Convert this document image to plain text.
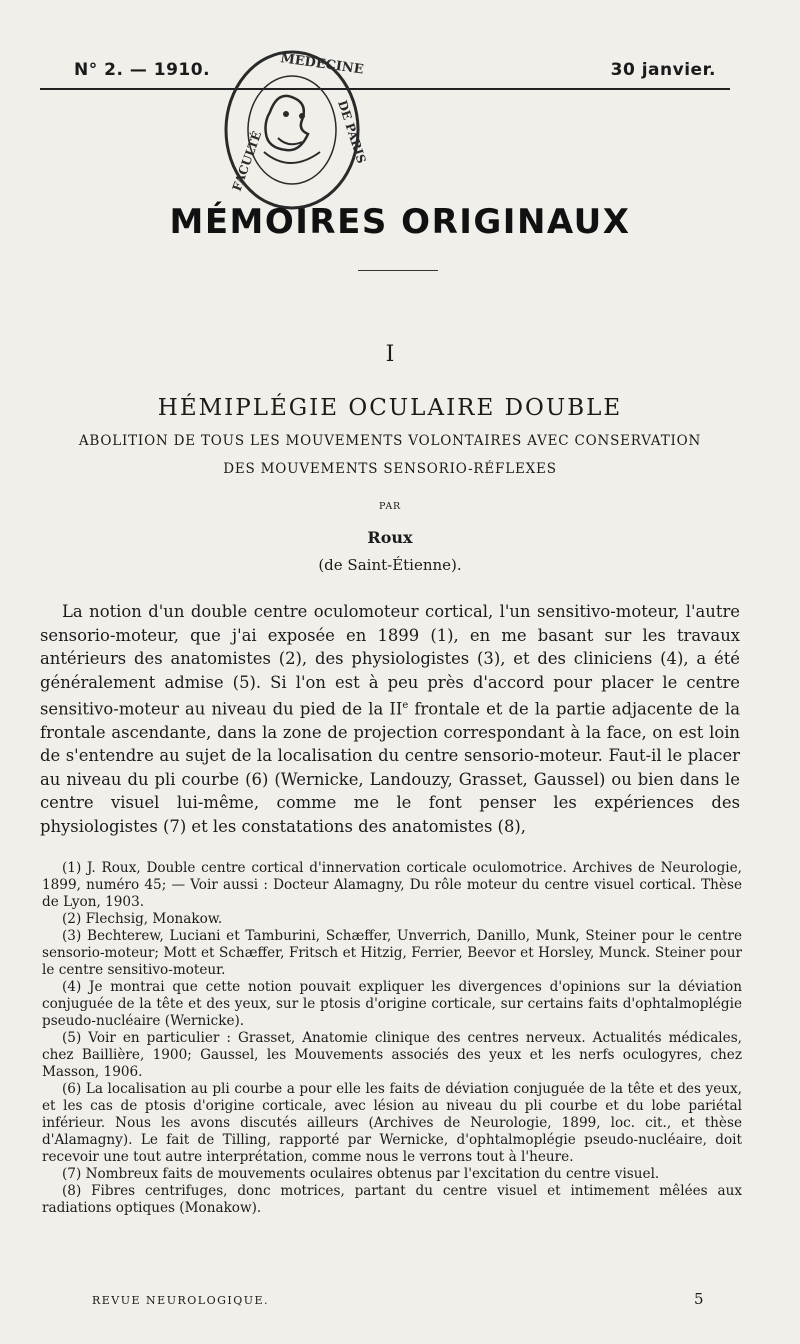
N° 2. — 1910.	30 janvier.
FACULTÉ
MEDECINE
DE PARIS
MÉMOIRES ORIGINAUX
I
HÉMIPLÉGIE OCULAIRE DOUBLE
ABOLITION DE TOUS LES MOUVEMENTS VOLONTAIRES AVEC CONSERVATION
DES MOUVEMENTS SENSORIO-RÉFLEXES
PAR
Roux
(de Saint-Étienne).

La notion d'un double centre oculomoteur cortical, l'un sensitivo-moteur, l'autre sensorio-moteur, que j'ai exposée en 1899 (1), en me basant sur les travaux antérieurs des anatomistes (2), des physiologistes (3), et des cliniciens (4), a été généralement admise (5). Si l'on est à peu près d'accord pour placer le centre sensitivo-moteur au niveau du pied de la IIe frontale et de la partie adjacente de la frontale ascendante, dans la zone de projection correspondant à la face, on est loin de s'entendre au sujet de la localisation du centre sensorio-moteur. Faut-il le placer au niveau du pli courbe (6) (Wernicke, Landouzy, Grasset, Gaussel) ou bien dans le centre visuel lui-même, comme me le font penser les expériences des physiologistes (7) et les constatations des anatomistes (8),

(1) J. Roux, Double centre cortical d'innervation corticale oculomotrice. Archives de Neurologie, 1899, numéro 45; — Voir aussi : Docteur Alamagny, Du rôle moteur du centre visuel cortical. Thèse de Lyon, 1903.

(2) Flechsig, Monakow.

(3) Bechterew, Luciani et Tamburini, Schæffer, Unverrich, Danillo, Munk, Steiner pour le centre sensorio-moteur; Mott et Schæffer, Fritsch et Hitzig, Ferrier, Beevor et Horsley, Munck. Steiner pour le centre sensitivo-moteur.

(4) Je montrai que cette notion pouvait expliquer les divergences d'opinions sur la déviation conjuguée de la tête et des yeux, sur le ptosis d'origine corticale, sur certains faits d'ophtalmoplégie pseudo-nucléaire (Wernicke).

(5) Voir en particulier : Grasset, Anatomie clinique des centres nerveux. Actualités médicales, chez Baillière, 1900; Gaussel, les Mouvements associés des yeux et les nerfs oculogyres, chez Masson, 1906.

(6) La localisation au pli courbe a pour elle les faits de déviation conjuguée de la tête et des yeux, et les cas de ptosis d'origine corticale, avec lésion au niveau du pli courbe et du lobe pariétal inférieur. Nous les avons discutés ailleurs (Archives de Neurologie, 1899, loc. cit., et thèse d'Alamagny). Le fait de Tilling, rapporté par Wernicke, d'ophtalmoplégie pseudo-nucléaire, doit recevoir une tout autre interprétation, comme nous le verrons tout à l'heure.

(7) Nombreux faits de mouvements oculaires obtenus par l'excitation du centre visuel.

(8) Fibres centrifuges, donc motrices, partant du centre visuel et intimement mêlées aux radiations optiques (Monakow).

REVUE NEUROLOGIQUE.	5
